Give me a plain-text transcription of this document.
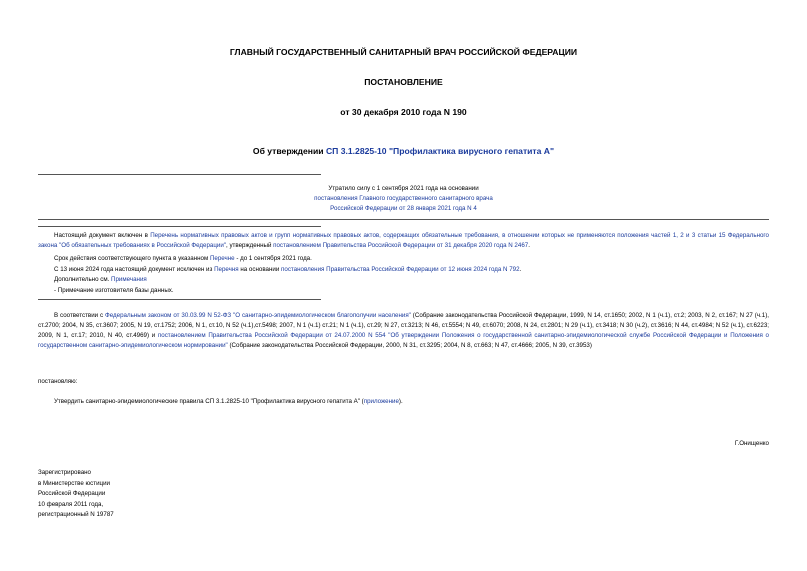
ГЛАВНЫЙ ГОСУДАРСТВЕННЫЙ САНИТАРНЫЙ ВРАЧ РОССИЙСКОЙ ФЕДЕРАЦИИ
ПОСТАНОВЛЕНИЕ
от 30 декабря 2010 года N 190
Об утверждении СП 3.1.2825-10 "Профилактика вирусного гепатита А"
Утратило силу с 1 сентября 2021 года на основании
постановления Главного государственного санитарного врача
Российской Федерации от 28 января 2021 года N 4
Настоящий документ включен в Перечень нормативных правовых актов и групп нормативных правовых актов, содержащих обязательные требования, в отношении которых не применяются положения частей 1, 2 и 3 статьи 15 Федерального закона "Об обязательных требованиях в Российской Федерации", утвержденный постановлением Правительства Российской Федерации от 31 декабря 2020 года N 2467.
Срок действия соответствующего пункта в указанном Перечне - до 1 сентября 2021 года.
С 13 июня 2024 года настоящий документ исключен из Перечня на основании постановления Правительства Российской Федерации от 12 июня 2024 года N 792.
Дополнительно см. Примечания
- Примечание изготовителя базы данных.
В соответствии с Федеральным законом от 30.03.99 N 52-ФЗ "О санитарно-эпидемиологическом благополучии населения" (Собрание законодательства Российской Федерации, 1999, N 14, ст.1650; 2002, N 1 (ч.1), ст.2; 2003, N 2, ст.167; N 27 (ч.1), ст.2700; 2004, N 35, ст.3607; 2005, N 19, ст.1752; 2006, N 1, ст.10, N 52 (ч.1),ст.5498; 2007, N 1 (ч.1) ст.21; N 1 (ч.1), ст.29; N 27, ст.3213; N 46, ст.5554; N 49, ст.6070; 2008, N 24, ст.2801; N 29 (ч.1), ст.3418; N 30 (ч.2), ст.3616; N 44, ст.4984; N 52 (ч.1), ст.6223; 2009, N 1, ст.17; 2010, N 40, ст.4969) и постановлением Правительства Российской Федерации от 24.07.2000 N 554 "Об утверждении Положения о государственной санитарно-эпидемиологической службе Российской Федерации и Положения о государственном санитарно-эпидемиологическом нормировании" (Собрание законодательства Российской Федерации, 2000, N 31, ст.3295; 2004, N 8, ст.663; N 47, ст.4666; 2005, N 39, ст.3953)
постановляю:
Утвердить санитарно-эпидемиологические правила СП 3.1.2825-10 "Профилактика вирусного гепатита А" (приложение).
Г.Онищенко
Зарегистрировано
в Министерстве юстиции
Российской Федерации
10 февраля 2011 года,
регистрационный N 19787
